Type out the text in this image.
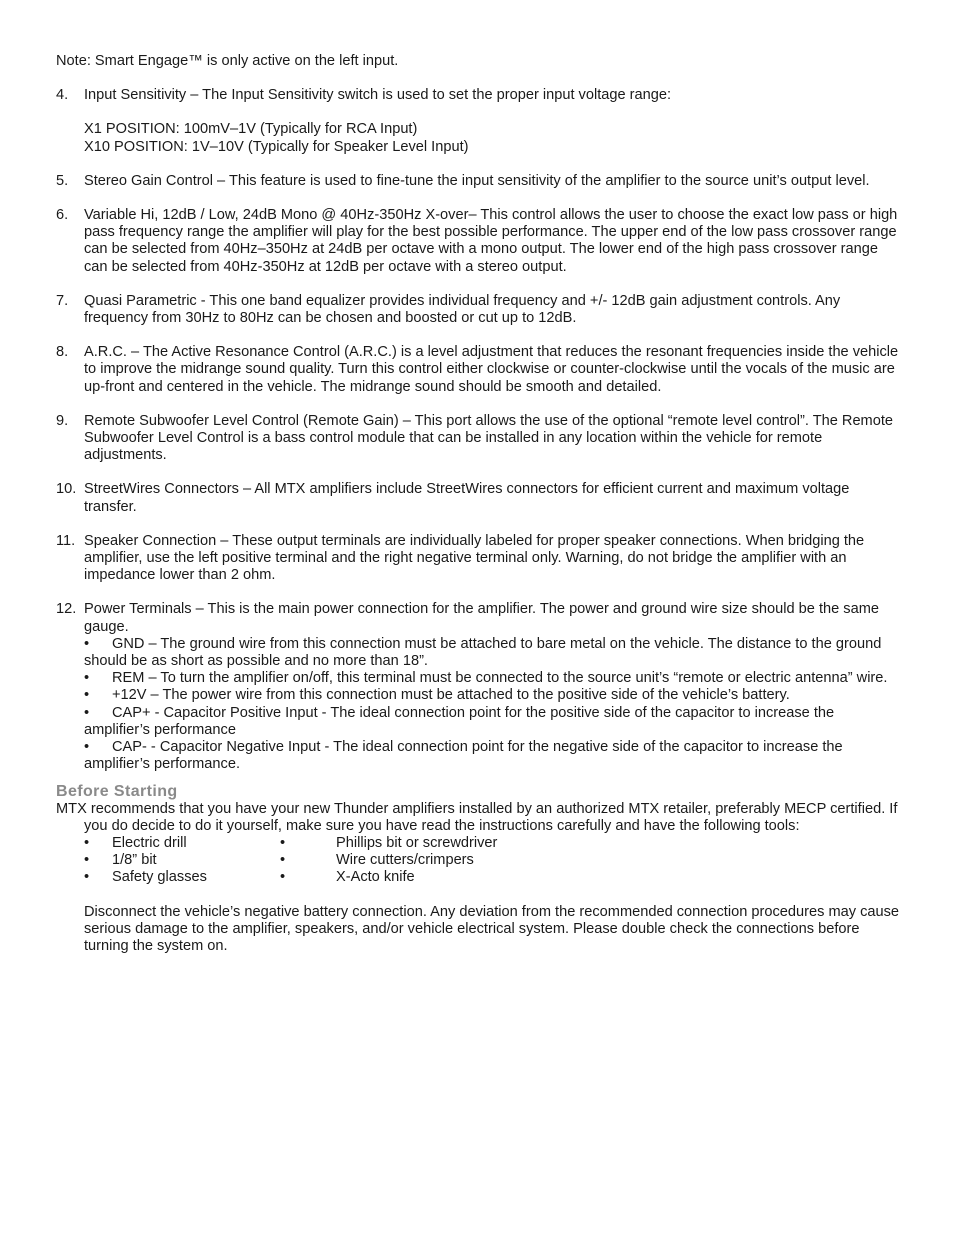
Note: Smart Engage™ is only active on the left input.

4. Input Sensitivity – The Input Sensitivity switch is used to set the proper input voltage range:

X1 POSITION: 100mV–1V (Typically for RCA Input)

X10 POSITION: 1V–10V (Typically for Speaker Level Input)

5. Stereo Gain Control – This feature is used to fine-tune the input sensitivity of the amplifier to the source unit’s output level.

6. Variable Hi, 12dB / Low, 24dB Mono @ 40Hz-350Hz X-over– This control allows the user to choose the exact low pass or high pass frequency range the amplifier will play for the best possible performance. The upper end of the low pass crossover range can be selected from 40Hz–350Hz at 24dB per octave with a mono output. The lower end of the high pass crossover range can be selected from 40Hz-350Hz at 12dB per octave with a stereo output.

7. Quasi Parametric - This one band equalizer provides individual frequency and +/- 12dB gain adjustment controls. Any frequency from 30Hz to 80Hz can be chosen and boosted or cut up to 12dB.

8. A.R.C. – The Active Resonance Control (A.R.C.) is a level adjustment that reduces the resonant frequencies inside the vehicle to improve the midrange sound quality. Turn this control either clockwise or counter-clockwise until the vocals of the music are up-front and centered in the vehicle. The midrange sound should be smooth and detailed.

9. Remote Subwoofer Level Control (Remote Gain) – This port allows the use of the optional “remote level control”. The Remote Subwoofer Level Control is a bass control module that can be installed in any location within the vehicle for remote adjustments.

10. StreetWires Connectors – All MTX amplifiers include StreetWires connectors for efficient current and maximum voltage transfer.

11. Speaker Connection – These output terminals are individually labeled for proper speaker connections. When bridging the amplifier, use the left positive terminal and the right negative terminal only. Warning, do not bridge the amplifier with an impedance lower than 2 ohm.

12. Power Terminals – This is the main power connection for the amplifier. The power and ground wire size should be the same gauge.

• GND – The ground wire from this connection must be attached to bare metal on the vehicle. The distance to the ground should be as short as possible and no more than 18”.

• REM – To turn the amplifier on/off, this terminal must be connected to the source unit’s “remote or electric antenna” wire.

• +12V – The power wire from this connection must be attached to the positive side of the vehicle’s battery.

• CAP+ - Capacitor Positive Input - The ideal connection point for the positive side of the capacitor to increase the amplifier’s performance

• CAP- - Capacitor Negative Input - The ideal connection point for the negative side of the capacitor to increase the amplifier’s performance.

Before Starting

MTX recommends that you have your new Thunder amplifiers installed by an authorized MTX retailer, preferably MECP certified. If you do decide to do it yourself, make sure you have read the instructions carefully and have the following tools:

•	Electric drill	•	Phillips bit or screwdriver
•	1/8” bit	•	Wire cutters/crimpers
•	Safety glasses	•	X-Acto knife

Disconnect the vehicle’s negative battery connection. Any deviation from the recommended connection procedures may cause serious damage to the amplifier, speakers, and/or vehicle electrical system. Please double check the connections before turning the system on.
